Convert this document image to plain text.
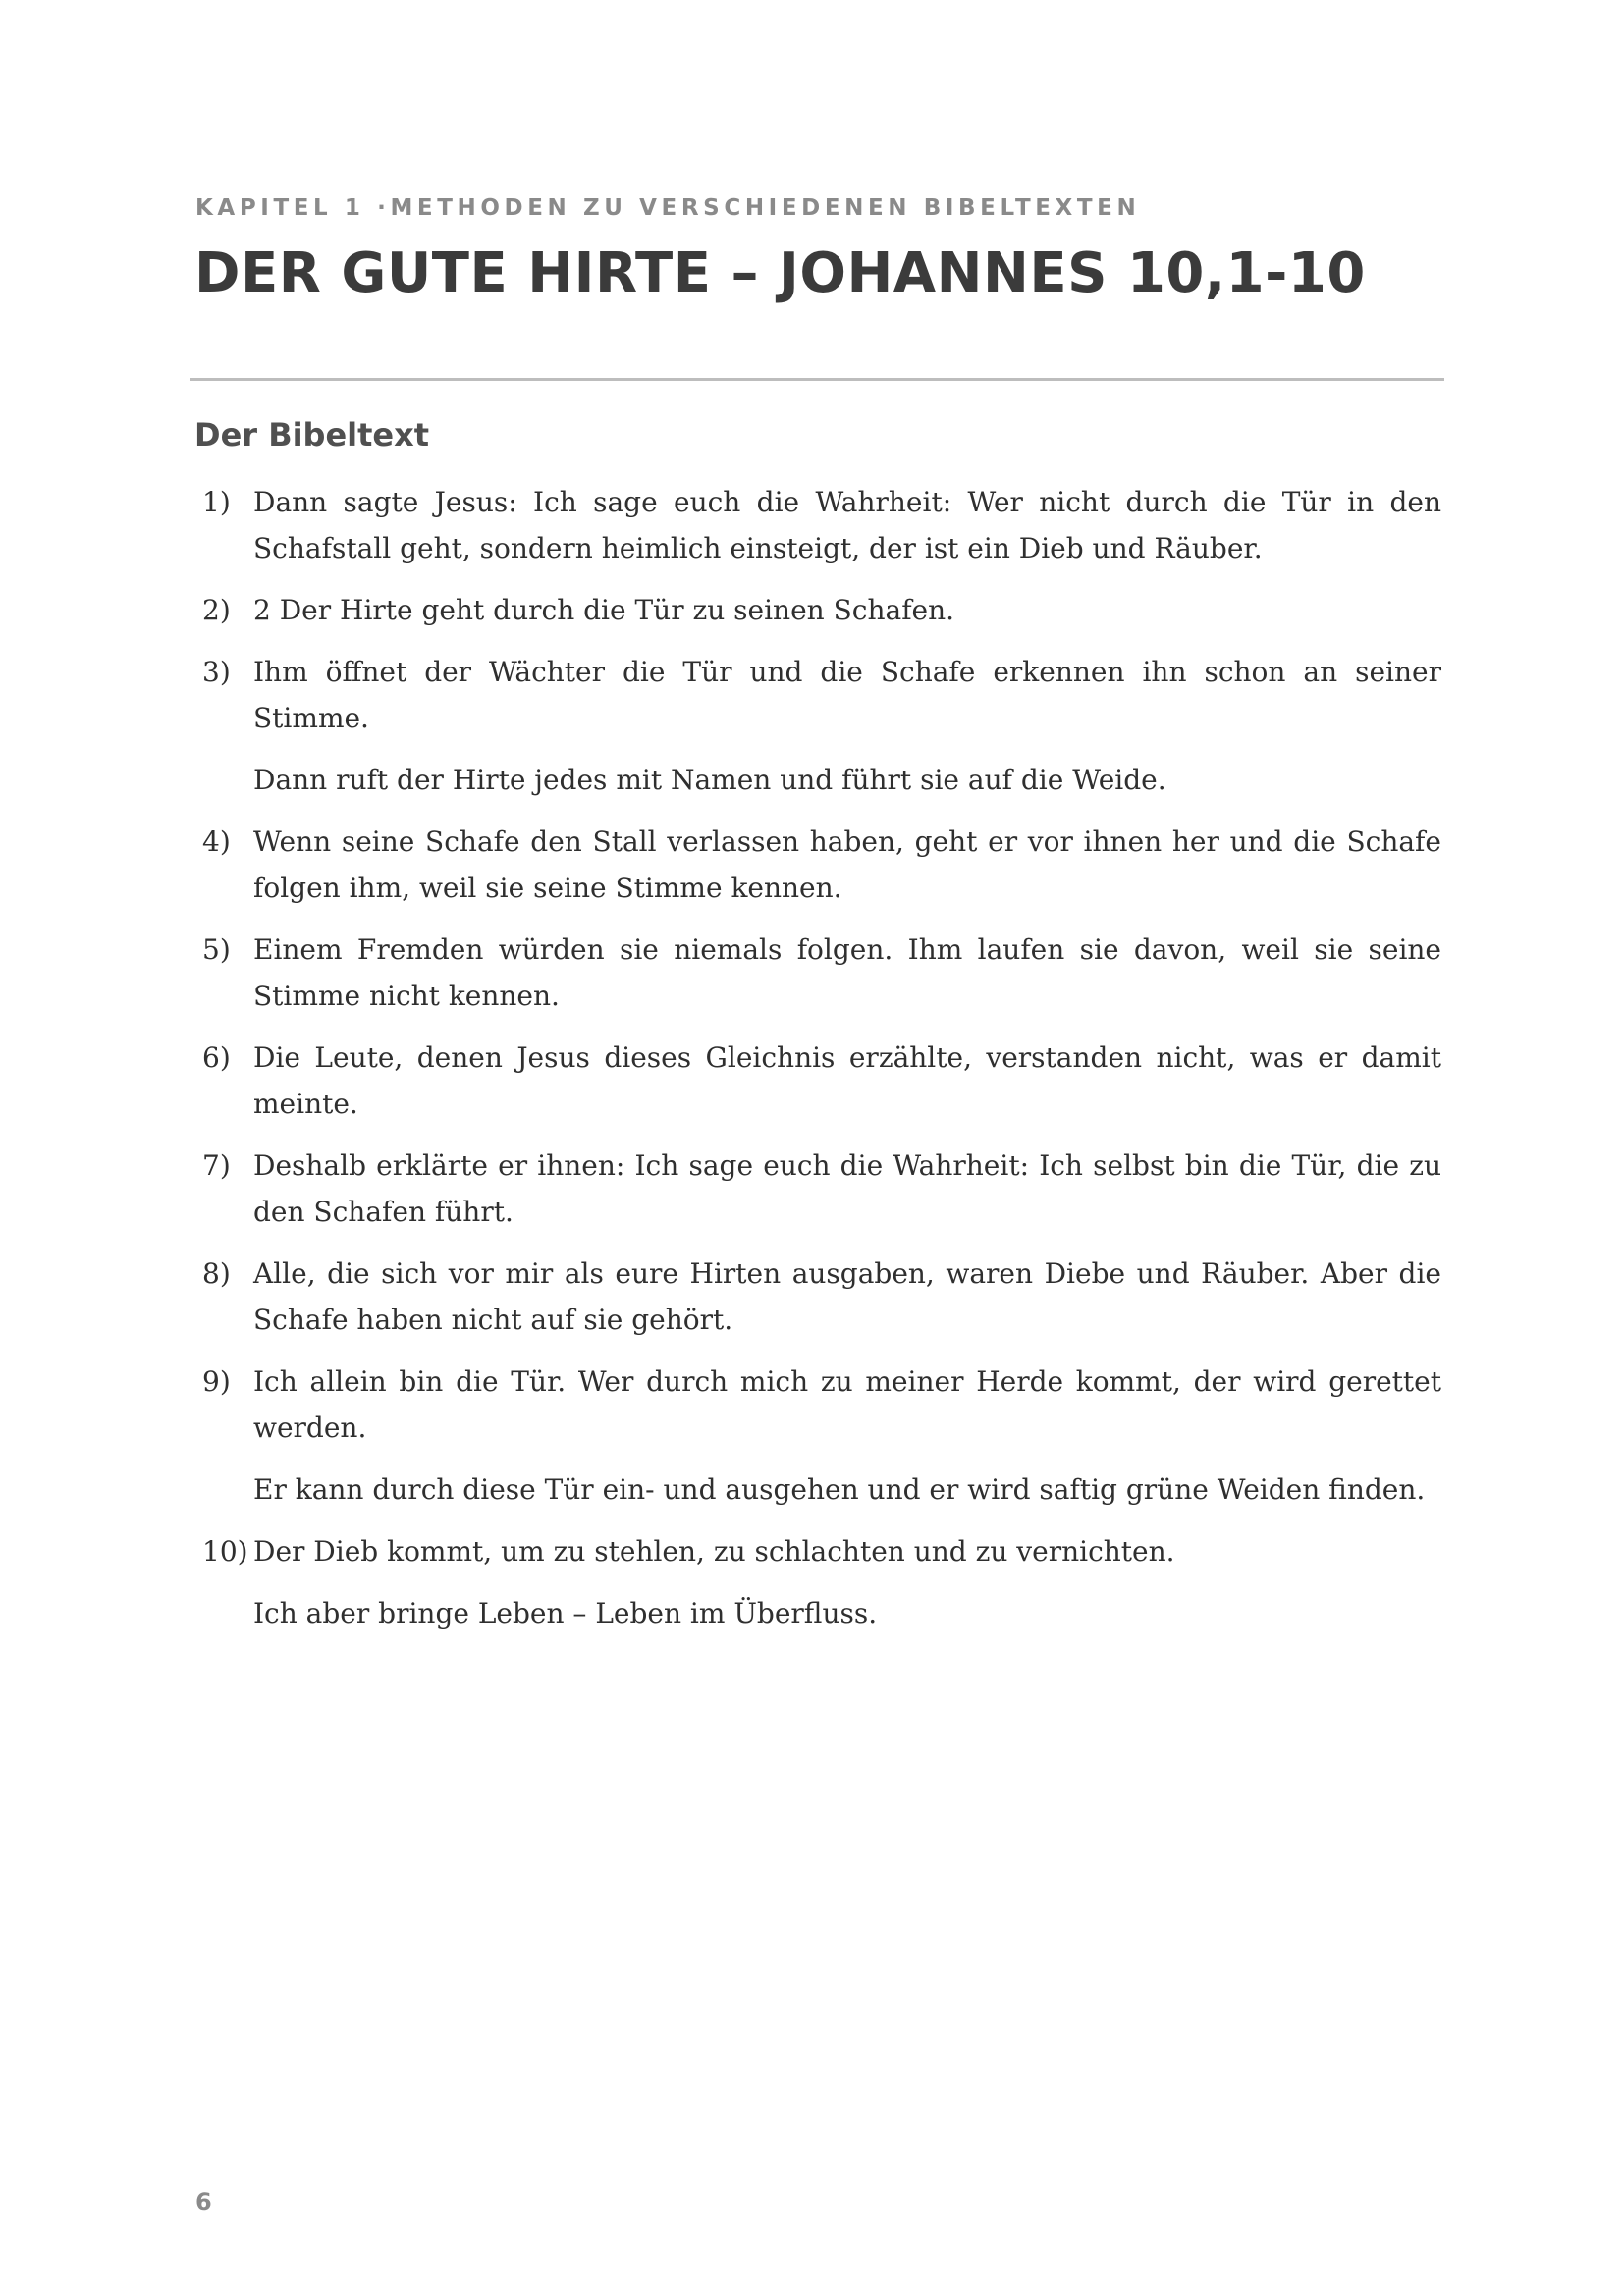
KAPITEL 1 ·METHODEN ZU VERSCHIEDENEN BIBELTEXTEN
DER GUTE HIRTE – JOHANNES 10,1-10
Der Bibeltext
1) Dann sagte Jesus: Ich sage euch die Wahrheit: Wer nicht durch die Tür in den Schafstall geht, sondern heimlich einsteigt, der ist ein Dieb und Räuber.
2) 2 Der Hirte geht durch die Tür zu seinen Schafen.
3) Ihm öffnet der Wächter die Tür und die Schafe erkennen ihn schon an seiner Stimme.
Dann ruft der Hirte jedes mit Namen und führt sie auf die Weide.
4) Wenn seine Schafe den Stall verlassen haben, geht er vor ihnen her und die Schafe folgen ihm, weil sie seine Stimme kennen.
5) Einem Fremden würden sie niemals folgen. Ihm laufen sie davon, weil sie seine Stimme nicht kennen.
6) Die Leute, denen Jesus dieses Gleichnis erzählte, verstanden nicht, was er damit meinte.
7) Deshalb erklärte er ihnen: Ich sage euch die Wahrheit: Ich selbst bin die Tür, die zu den Schafen führt.
8) Alle, die sich vor mir als eure Hirten ausgaben, waren Diebe und Räuber. Aber die Schafe haben nicht auf sie gehört.
9) Ich allein bin die Tür. Wer durch mich zu meiner Herde kommt, der wird gerettet werden.
Er kann durch diese Tür ein- und ausgehen und er wird saftig grüne Weiden finden.
10) Der Dieb kommt, um zu stehlen, zu schlachten und zu vernichten.
Ich aber bringe Leben – Leben im Überfluss.
6
